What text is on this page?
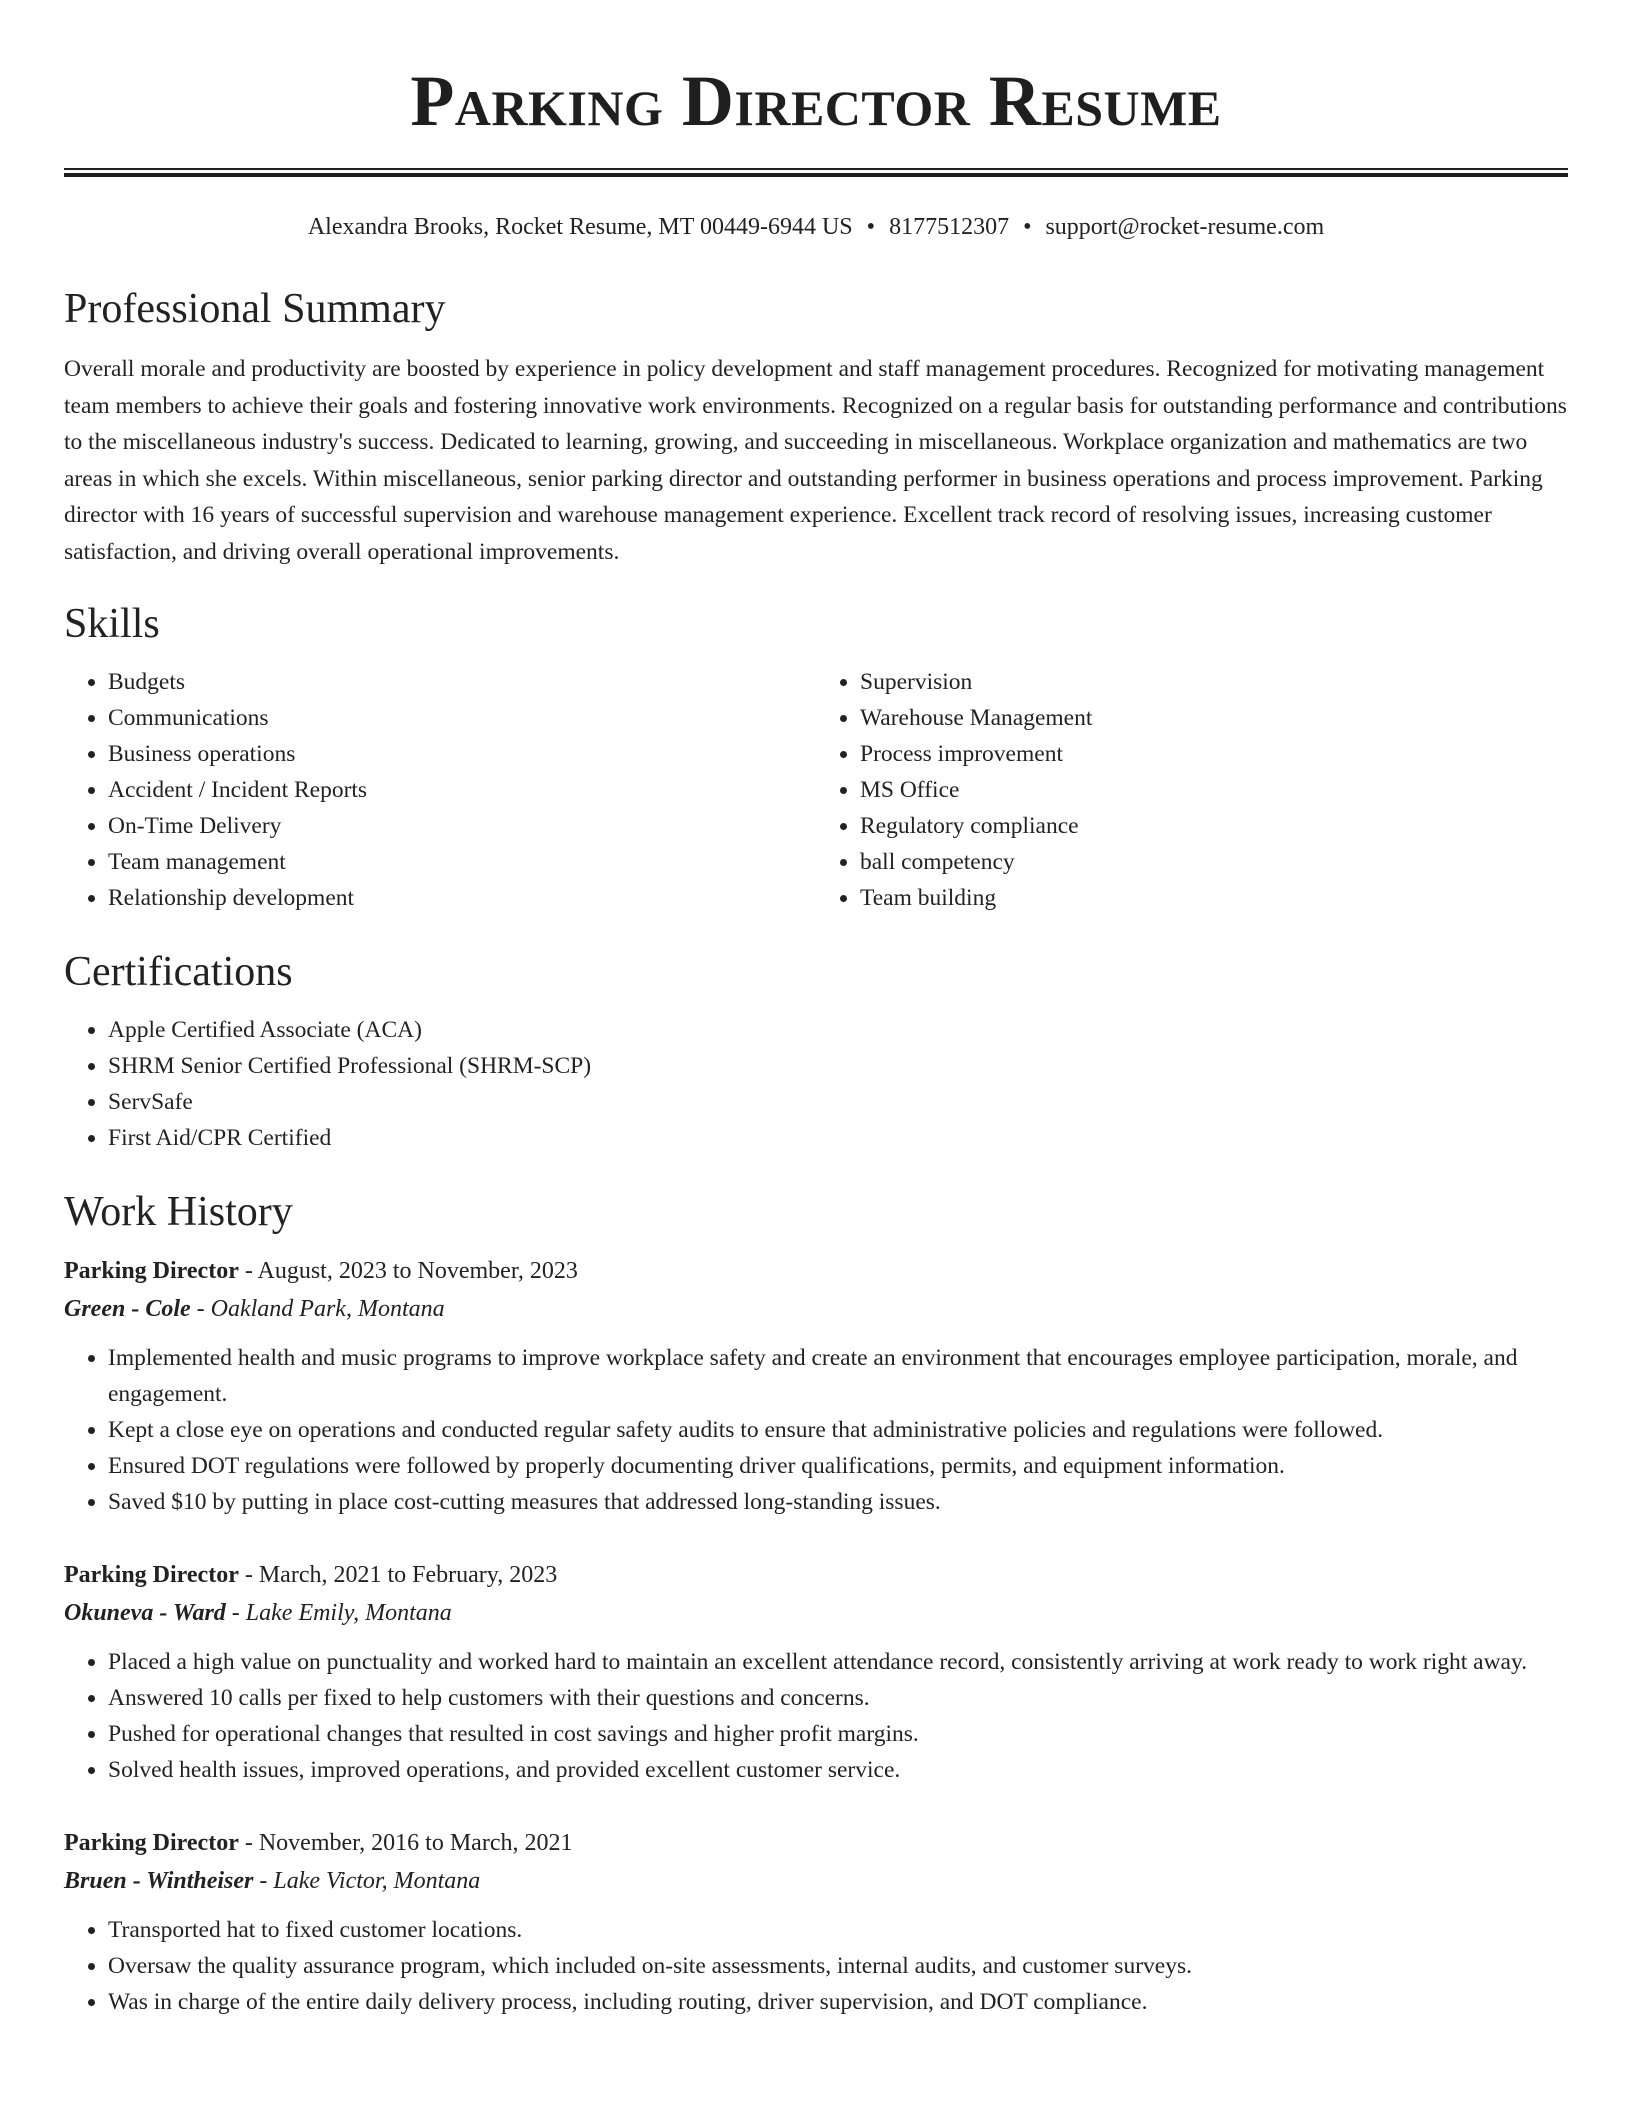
Parking Director Resume
Alexandra Brooks, Rocket Resume, MT 00449-6944 US • 8177512307 • support@rocket-resume.com
Professional Summary

Overall morale and productivity are boosted by experience in policy development and staff management procedures. Recognized for motivating management team members to achieve their goals and fostering innovative work environments. Recognized on a regular basis for outstanding performance and contributions to the miscellaneous industry's success. Dedicated to learning, growing, and succeeding in miscellaneous. Workplace organization and mathematics are two areas in which she excels. Within miscellaneous, senior parking director and outstanding performer in business operations and process improvement. Parking director with 16 years of successful supervision and warehouse management experience. Excellent track record of resolving issues, increasing customer satisfaction, and driving overall operational improvements.

Skills
• Budgets
• Communications
• Business operations
• Accident / Incident Reports
• On-Time Delivery
• Team management
• Relationship development
• Supervision
• Warehouse Management
• Process improvement
• MS Office
• Regulatory compliance
• ball competency
• Team building
Certifications
• Apple Certified Associate (ACA)
• SHRM Senior Certified Professional (SHRM-SCP)
• ServSafe
• First Aid/CPR Certified
Work History
Parking Director - August, 2023 to November, 2023
Green - Cole - Oakland Park, Montana
• Implemented health and music programs to improve workplace safety and create an environment that encourages employee participation, morale, and engagement.
• Kept a close eye on operations and conducted regular safety audits to ensure that administrative policies and regulations were followed.
• Ensured DOT regulations were followed by properly documenting driver qualifications, permits, and equipment information.
• Saved $10 by putting in place cost-cutting measures that addressed long-standing issues.
Parking Director - March, 2021 to February, 2023
Okuneva - Ward - Lake Emily, Montana
• Placed a high value on punctuality and worked hard to maintain an excellent attendance record, consistently arriving at work ready to work right away.
• Answered 10 calls per fixed to help customers with their questions and concerns.
• Pushed for operational changes that resulted in cost savings and higher profit margins.
• Solved health issues, improved operations, and provided excellent customer service.
Parking Director - November, 2016 to March, 2021
Bruen - Wintheiser - Lake Victor, Montana
• Transported hat to fixed customer locations.
• Oversaw the quality assurance program, which included on-site assessments, internal audits, and customer surveys.
• Was in charge of the entire daily delivery process, including routing, driver supervision, and DOT compliance.
